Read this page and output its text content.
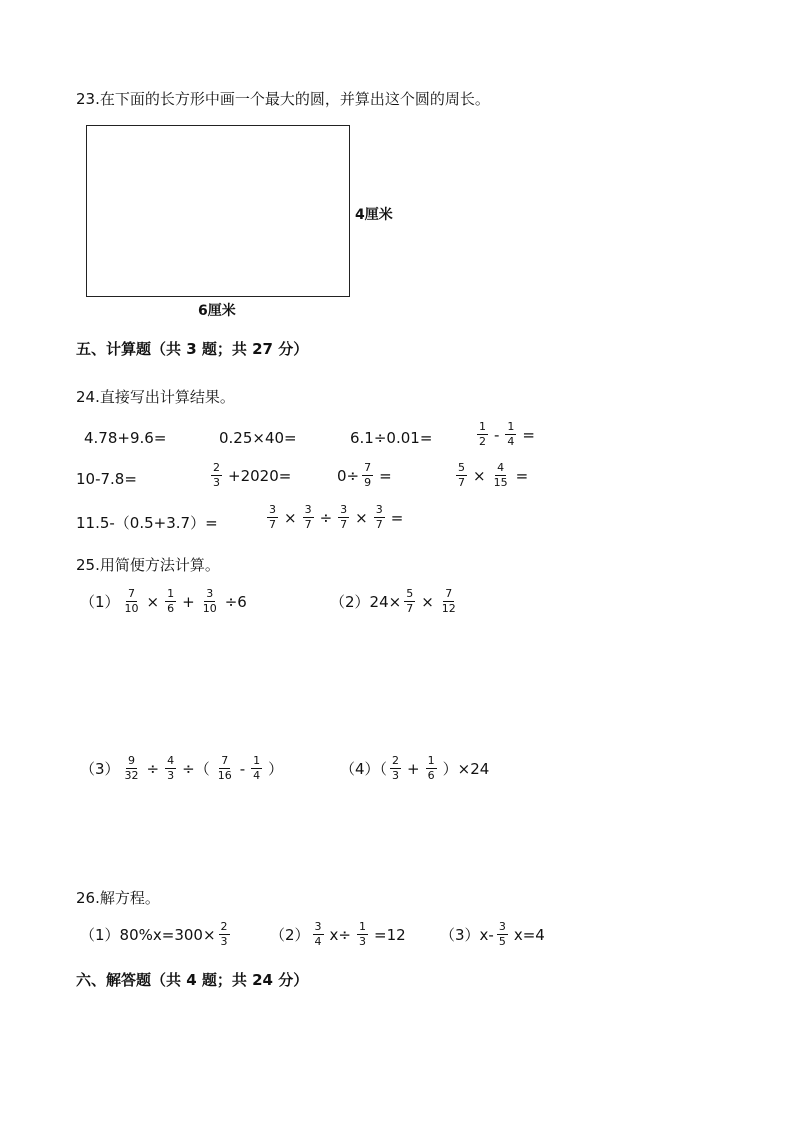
23.在下面的长方形中画一个最大的圆，并算出这个圆的周长。
4厘米
6厘米
五、计算题（共 3 题；共 27 分）
24.直接写出计算结果。
4.78+9.6=	0.25×40=	6.1÷0.01=	$\frac{1}{2} - \frac{1}{4}$ =
10-7.8=	$\frac{2}{3} +2020=$	$0\div \frac{7}{9}$ =	$\frac{5}{7} \times \frac{4}{15}$ =
11.5-（0.5+3.7）=	$\frac{3}{7} \times \frac{3}{7} \div \frac{3}{7} \times \frac{3}{7}$ =
25.用简便方法计算。
$(1) \frac{7}{10} \times \frac{1}{6} + \frac{3}{10} \div 6$	$(2)24\times \frac{5}{7} \times \frac{7}{12}$
$(3) \frac{9}{32} \div \frac{4}{3}$ ÷（ $\frac{7}{16} - \frac{1}{4}$ ）	$(4)( \frac{2}{3} + \frac{1}{6} )\times 24$
26.解方程。
$(1)80\%x=300\times \frac{2}{3}$	$(2) \frac{3}{4} x\div \frac{1}{3} =12$ $(3)x- \frac{3}{5} x=4$
六、解答题（共 4 题；共 24 分）
